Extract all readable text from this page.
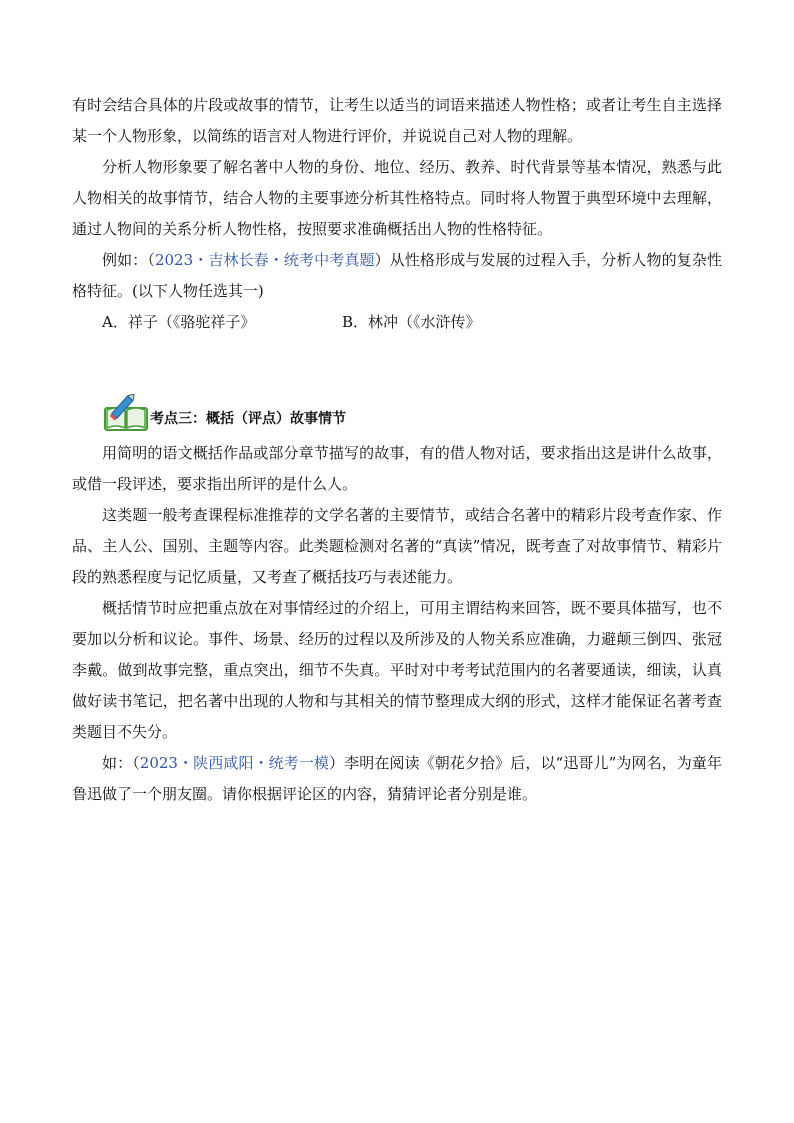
有时会结合具体的片段或故事的情节，让考生以适当的词语来描述人物性格；或者让考生自主选择某一个人物形象，以简练的语言对人物进行评价，并说说自己对人物的理解。

分析人物形象要了解名著中人物的身份、地位、经历、教养、时代背景等基本情况，熟悉与此人物相关的故事情节，结合人物的主要事迹分析其性格特点。同时将人物置于典型环境中去理解，通过人物间的关系分析人物性格，按照要求准确概括出人物的性格特征。

例如：（2023・吉林长春・统考中考真题）从性格形成与发展的过程入手，分析人物的复杂性格特征。(以下人物任选其一)

A．祥子（《骆驼祥子》	B．林冲（《水浒传》
考点三：概括（评点）故事情节

用简明的语文概括作品或部分章节描写的故事，有的借人物对话，要求指出这是讲什么故事，或借一段评述，要求指出所评的是什么人。

这类题一般考查课程标准推荐的文学名著的主要情节，或结合名著中的精彩片段考查作家、作品、主人公、国别、主题等内容。此类题检测对名著的“真读”情况，既考查了对故事情节、精彩片段的熟悉程度与记忆质量，又考查了概括技巧与表述能力。

概括情节时应把重点放在对事情经过的介绍上，可用主谓结构来回答，既不要具体描写，也不要加以分析和议论。事件、场景、经历的过程以及所涉及的人物关系应准确，力避颠三倒四、张冠李戴。做到故事完整，重点突出，细节不失真。平时对中考考试范围内的名著要通读，细读，认真做好读书笔记，把名著中出现的人物和与其相关的情节整理成大纲的形式，这样才能保证名著考查类题目不失分。

如：（2023・陕西咸阳・统考一模）李明在阅读《朝花夕拾》后，以“迅哥儿”为网名，为童年鲁迅做了一个朋友圈。请你根据评论区的内容，猜猜评论者分别是谁。
